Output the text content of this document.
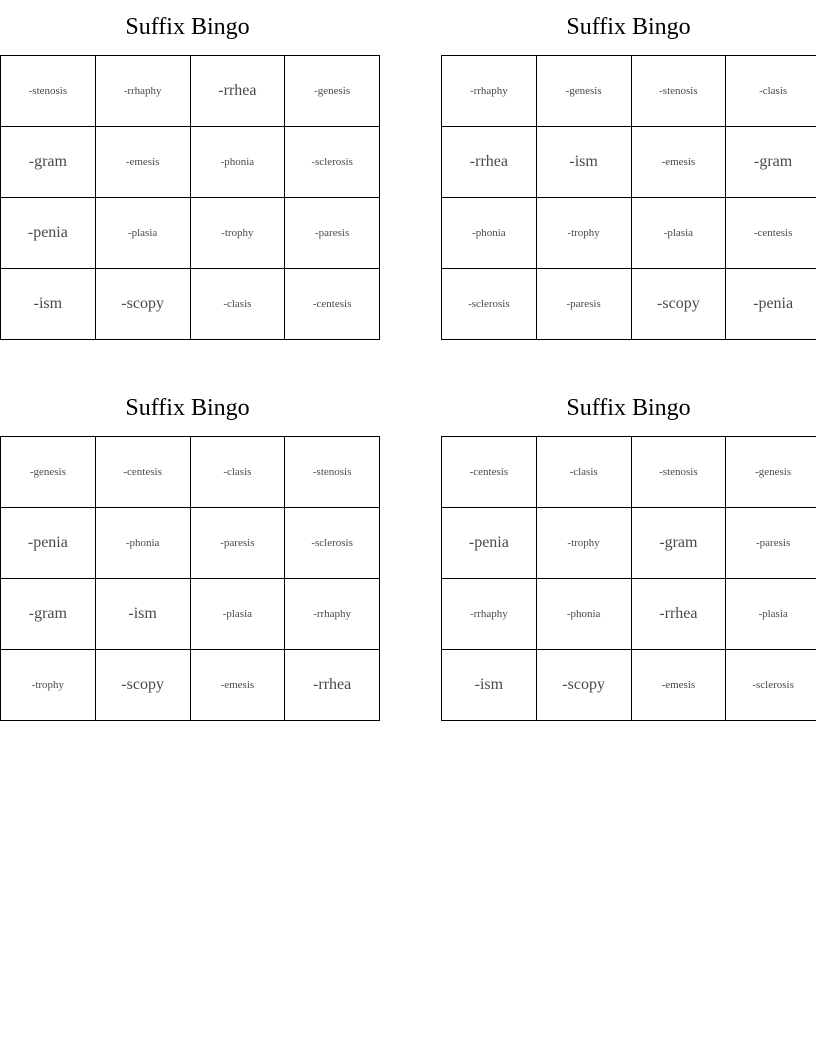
Suffix Bingo
-stenosis	-rrhaphy	-rrhea	-genesis
-gram	-emesis	-phonia	-sclerosis
-penia	-plasia	-trophy	-paresis
-ism	-scopy	-clasis	-centesis
Suffix Bingo
-rrhaphy	-genesis	-stenosis	-clasis
-rrhea	-ism	-emesis	-gram
-phonia	-trophy	-plasia	-centesis
-sclerosis	-paresis	-scopy	-penia
Suffix Bingo
-genesis	-centesis	-clasis	-stenosis
-penia	-phonia	-paresis	-sclerosis
-gram	-ism	-plasia	-rrhaphy
-trophy	-scopy	-emesis	-rrhea
Suffix Bingo
-centesis	-clasis	-stenosis	-genesis
-penia	-trophy	-gram	-paresis
-rrhaphy	-phonia	-rrhea	-plasia
-ism	-scopy	-emesis	-sclerosis
